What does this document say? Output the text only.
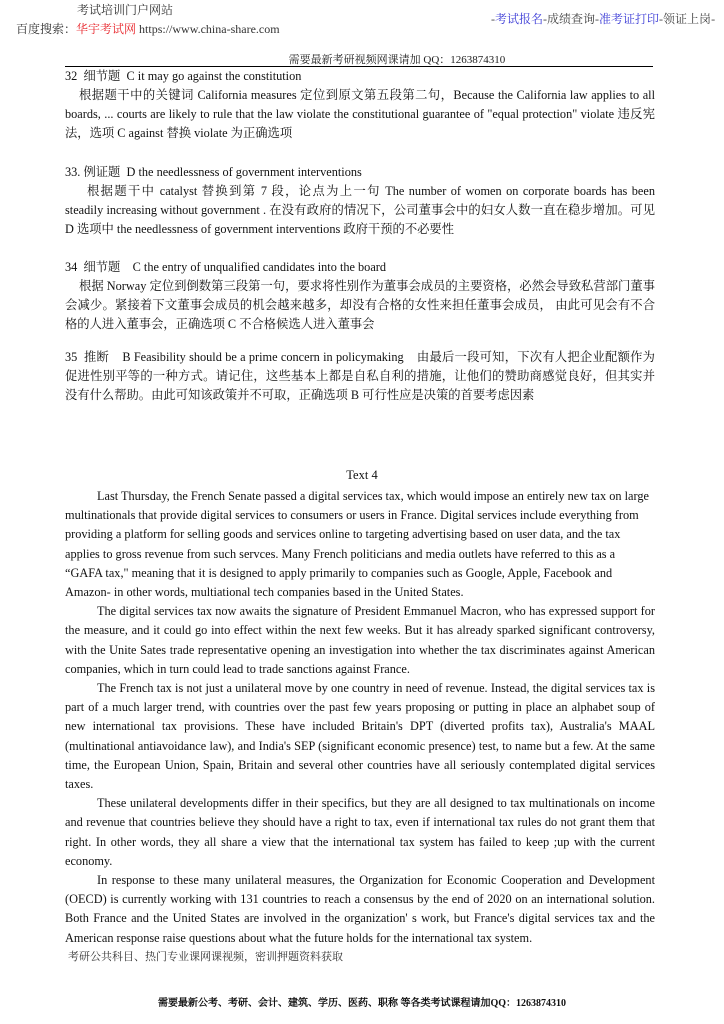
考试培训门户网站
百度搜索：华宇考试网 https://www.china-share.com
-考试报名-成绩查询-准考证打印-领证上岗-
需要最新考研视频网课请加 QQ：1263874310

32 细节题 C it may go against the constitution

根据题干中的关键词 California measures 定位到原文第五段第二句，Because the California law applies to all boards, ... courts are likely to rule that the law violate the constitutional guarantee of "equal protection" violate 违反宪法，选项 C against 替换 violate 为正确选项

33. 例证题 D the needlessness of government interventions

根据题干中 catalyst 替换到第 7 段，论点为上一句 The number of women on corporate boards has been steadily increasing without government . 在没有政府的情况下，公司董事会中的妇女人数一直在稳步增加。可见 D 选项中 the needlessness of government interventions 政府干预的不必要性

34 细节题 C the entry of unqualified candidates into the board

根据 Norway 定位到倒数第三段第一句，要求将性别作为董事会成员的主要资格，必然会导致私营部门董事会减少。紧接着下文董事会成员的机会越来越多，却没有合格的女性来担任董事会成员， 由此可见会有不合格的人进入董事会，正确选项 C 不合格候选人进入董事会

35 推断 B Feasibility should be a prime concern in policymaking 由最后一段可知，下次有人把企业配额作为促进性别平等的一种方式。请记住，这些基本上都是自私自利的措施，让他们的赞助商感觉良好，但其实并没有什么帮助。由此可知该政策并不可取，正确选项 B 可行性应是决策的首要考虑因素

Text 4

Last Thursday, the French Senate passed a digital services tax, which would impose an entirely new tax on large multinationals that provide digital services to consumers or users in France. Digital services include everything from providing a platform for selling goods and services online to targeting advertising based on user data, and the tax applies to gross revenue from such servces. Many French politicians and media outlets have referred to this as a “GAFA tax," meaning that it is designed to apply primarily to companies such as Google, Apple, Facebook and Amazon- in other words, multiational tech companies based in the United States.

The digital services tax now awaits the signature of President Emmanuel Macron, who has expressed support for the measure, and it could go into effect within the next few weeks. But it has already sparked significant controversy, with the Unite Sates trade representative opening an investigation into whether the tax discriminates against American companies, which in turn could lead to trade sanctions against France.

The French tax is not just a unilateral move by one country in need of revenue. Instead, the digital services tax is part of a much larger trend, with countries over the past few years proposing or putting in place an alphabet soup of new international tax provisions. These have included Britain's DPT (diverted profits tax), Australia's MAAL (multinational antiavoidance law), and India's SEP (significant economic presence) test, to name but a few. At the same time, the European Union, Spain, Britain and several other countries have all seriously contemplated digital services taxes.

These unilateral developments differ in their specifics, but they are all designed to tax multinationals on income and revenue that countries believe they should have a right to tax, even if international tax rules do not grant them that right. In other words, they all share a view that the international tax system has failed to keep ;up with the current economy.

In response to these many unilateral measures, the Organization for Economic Cooperation and Development (OECD) is currently working with 131 countries to reach a consensus by the end of 2020 on an international solution. Both France and the United States are involved in the organization' s work, but France's digital services tax and the American response raise questions about what the future holds for the international tax system.

考研公共科目、热门专业课网课视频，密训押题资料获取
需要最新公考、考研、会计、建筑、学历、医药、职称 等各类考试课程请加QQ：1263874310
